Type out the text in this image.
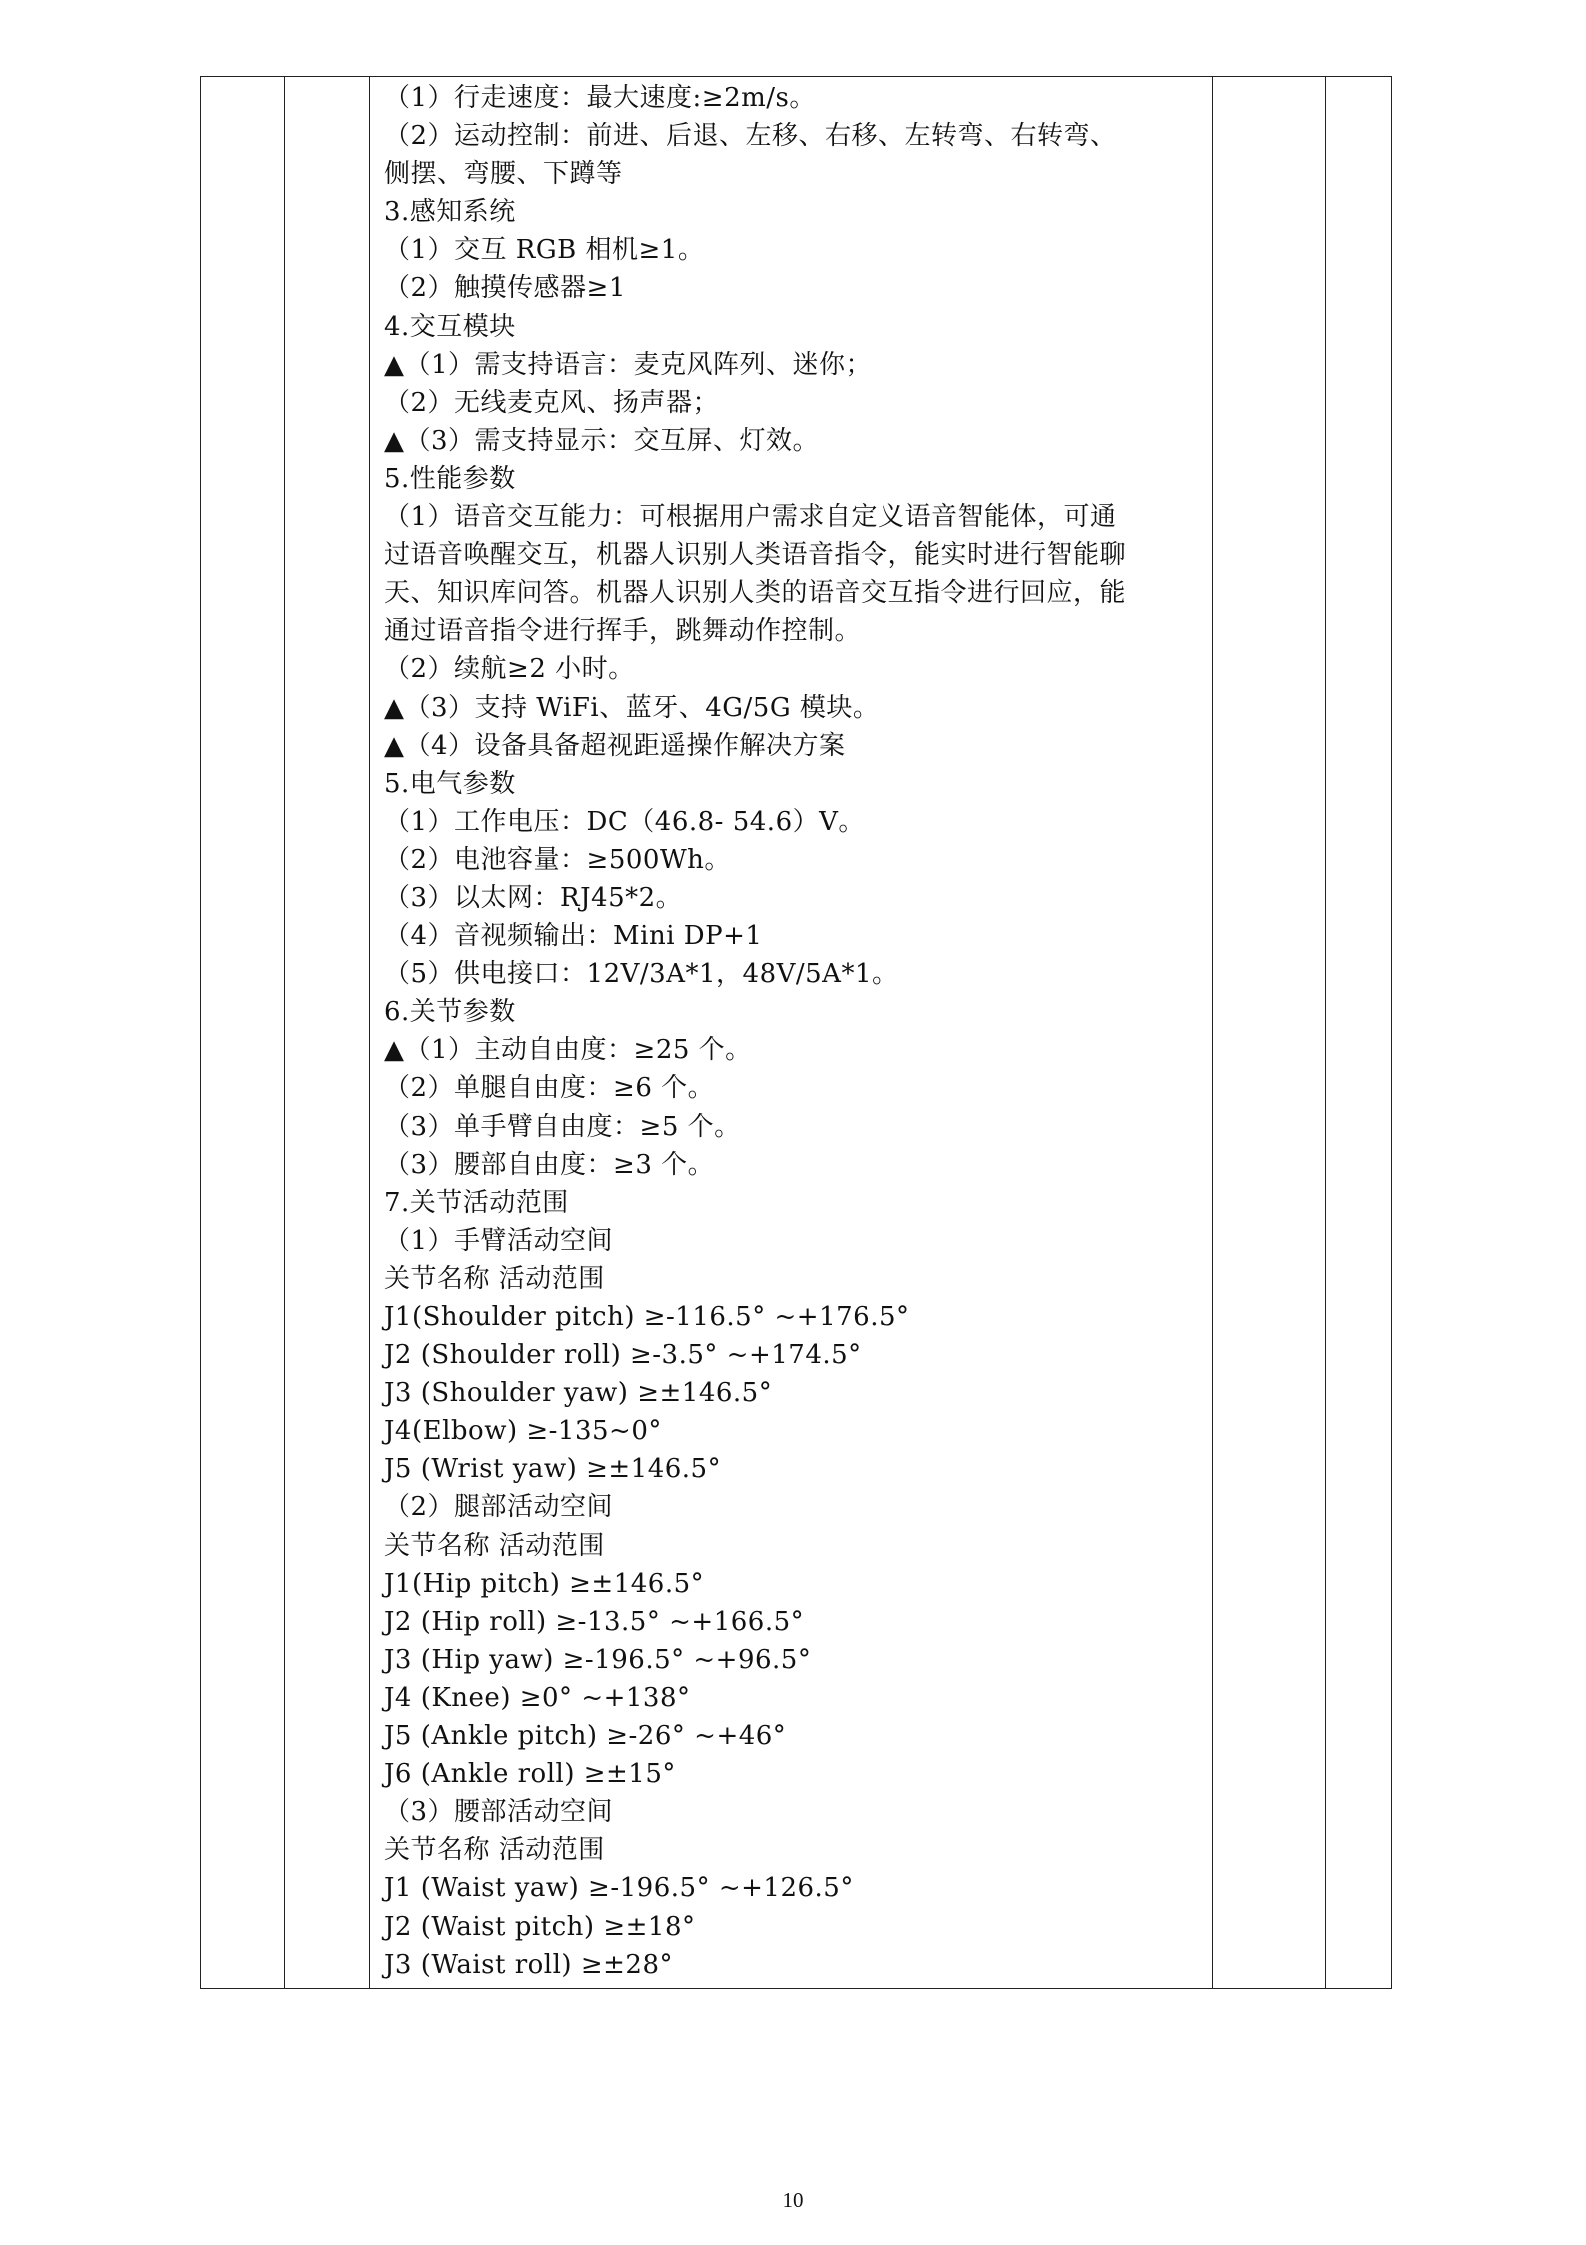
（1）行走速度：最大速度:≥2m/s。
（2）运动控制：前进、后退、左移、右移、左转弯、右转弯、
侧摆、弯腰、下蹲等
3.感知系统
（1）交互 RGB 相机≥1。
（2）触摸传感器≥1
4.交互模块
▲（1）需支持语言：麦克风阵列、迷你；
（2）无线麦克风、扬声器；
▲（3）需支持显示：交互屏、灯效。
5.性能参数
（1）语音交互能力：可根据用户需求自定义语音智能体，可通
过语音唤醒交互，机器人识别人类语音指令，能实时进行智能聊
天、知识库问答。机器人识别人类的语音交互指令进行回应，能
通过语音指令进行挥手，跳舞动作控制。
（2）续航≥2 小时。
▲（3）支持 WiFi、蓝牙、4G/5G 模块。
▲（4）设备具备超视距遥操作解决方案
5.电气参数
（1）工作电压：DC（46.8- 54.6）V。
（2）电池容量：≥500Wh。
（3）以太网：RJ45*2。
（4）音视频输出：Mini DP+1
（5）供电接口：12V/3A*1，48V/5A*1。
6.关节参数
▲（1）主动自由度：≥25 个。
（2）单腿自由度：≥6 个。
（3）单手臂自由度：≥5 个。
（3）腰部自由度：≥3 个。
7.关节活动范围
（1）手臂活动空间
关节名称 活动范围
J1(Shoulder pitch) ≥-116.5° ~+176.5°
J2 (Shoulder roll) ≥-3.5° ~+174.5°
J3 (Shoulder yaw) ≥±146.5°
J4(Elbow) ≥-135~0°
J5 (Wrist yaw) ≥±146.5°
（2）腿部活动空间
关节名称 活动范围
J1(Hip pitch) ≥±146.5°
J2 (Hip roll) ≥-13.5° ~+166.5°
J3 (Hip yaw) ≥-196.5° ~+96.5°
J4 (Knee) ≥0° ~+138°
J5 (Ankle pitch) ≥-26° ~+46°
J6 (Ankle roll) ≥±15°
（3）腰部活动空间
关节名称 活动范围
J1 (Waist yaw) ≥-196.5° ~+126.5°
J2 (Waist pitch) ≥±18°
J3 (Waist roll) ≥±28°
10
